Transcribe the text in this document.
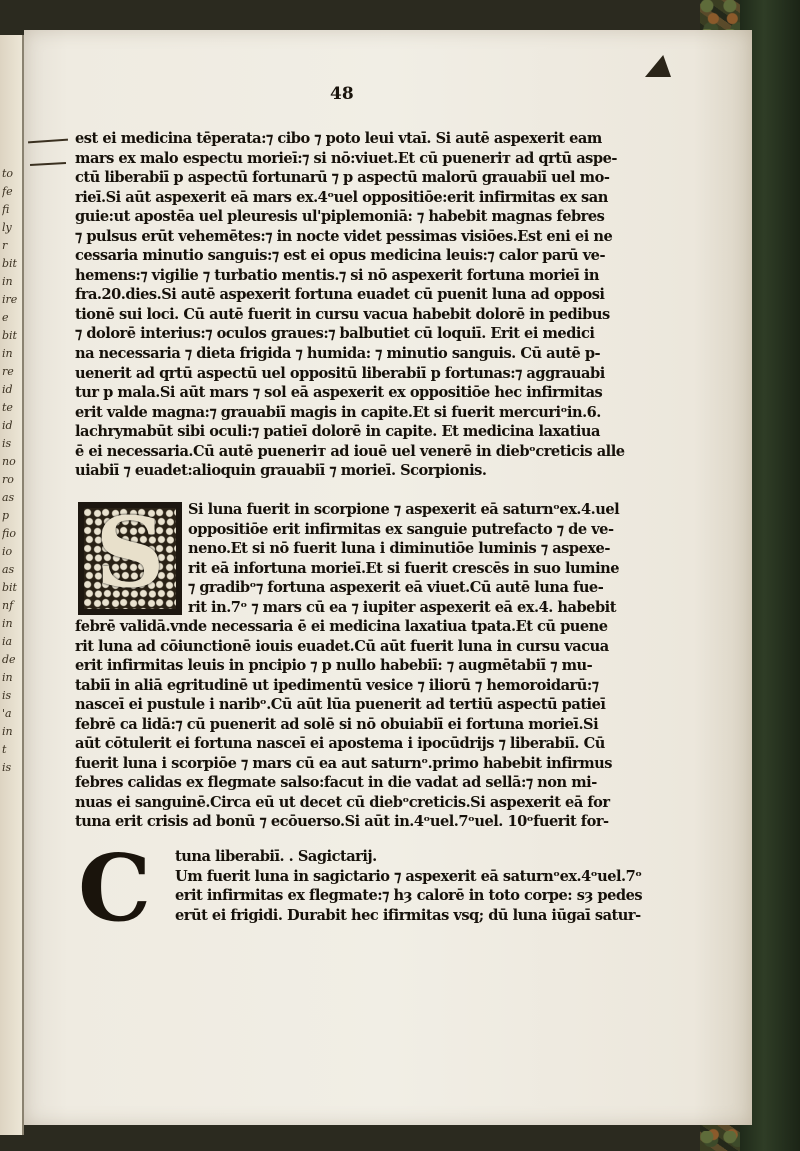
to
fe
fi
ly
r
bit
in
ire
e
bit
in
re
id
te
id
is
no
ro
as
p
fio
io
as
bit
nf
in
ia
de
in
is
'a
in
t
is
48
est ei medicina tēperata:⁊ cibo ⁊ poto leui vtaī. Si autē aspexerit eam
mars ex malo espectu morieī:⁊ si nō:viuet.Et cū pueneriт ad qrtū aspe-
ctū liberabiī p aspectū fortunarū ⁊ p aspectū malorū grauabiī uel mo-
rieī.Si aūt aspexerit eā mars ex.4ᵒuel oppositiōe:erit infirmitas ex san
guie:ut apostēa uel pleuresis ul'piplemoniā: ⁊ habebit magnas febres
⁊ pulsus erūt vehemētes:⁊ in nocte videt pessimas visiōes.Est eni ei ne
cessaria minutio sanguis:⁊ est ei opus medicina leuis:⁊ calor parū ve-
hemens:⁊ vigilie ⁊ turbatio mentis.⁊ si nō aspexerit fortuna morieī in
fra.20.dies.Si autē aspexerit fortuna euadet cū puenit luna ad opposi
tionē sui loci. Cū autē fuerit in cursu vacua habebit dolorē in pedibus
⁊ dolorē interius:⁊ oculos graues:⁊ balbutiet cū loquiī. Erit ei medici
na necessaria ⁊ dieta frigida ⁊ humida: ⁊ minutio sanguis. Cū autē p-
uenerit ad qrtū aspectū uel oppositū liberabiī p fortunas:⁊ aggrauabi
tur p mala.Si aūt mars ⁊ sol eā aspexerit ex oppositiōe hec infirmitas
erit valde magna:⁊ grauabiī magis in capite.Et si fuerit mercuriᵒin.6.
lachrymabūt sibi oculi:⁊ patieī dolorē in capite. Et medicina laxatiua
ē ei necessaria.Cū autē pueneriт ad iouē uel venerē in diebᵒcreticis alle
uiabiī ⁊ euadet:alioquin grauabiī ⁊ morieī. Scorpionis.
S	Si luna fuerit in scorpione ⁊ aspexerit eā saturnᵒex.4.uel
oppositiōe erit infirmitas ex sanguie putrefacto ⁊ de ve-
neno.Et si nō fuerit luna i diminutiōe luminis ⁊ aspexe-
rit eā infortuna morieī.Et si fuerit crescēs in suo lumine
⁊ gradibᵒ⁊ fortuna aspexerit eā viuet.Cū autē luna fue-
rit in.7ᵒ ⁊ mars cū ea ⁊ iupiter aspexerit eā ex.4. habebit
febrē validā.vnde necessaria ē ei medicina laxatiua tpata.Et cū puene
rit luna ad cōiunctionē iouis euadet.Cū aūt fuerit luna in cursu vacua
erit infirmitas leuis in pncipio ⁊ p nullo habebiī: ⁊ augmētabiī ⁊ mu-
tabiī in aliā egritudinē ut ipedimentū vesice ⁊ iliorū ⁊ hemoroidarū:⁊
nasceī ei pustule i naribᵒ.Cū aūt lūa puenerit ad tertiū aspectū patieī
febrē ca lidā:⁊ cū puenerit ad solē si nō obuiabiī ei fortuna morieī.Si
aūt cōtulerit ei fortuna nasceī ei apostema i ipocūdrijs ⁊ liberabiī. Cū
fuerit luna i scorpiōe ⁊ mars cū ea aut saturnᵒ.primo habebit infirmus
febres calidas ex flegmate salso:facut in die vadat ad sellā:⁊ non mi-
nuas ei sanguinē.Circa eū ut decet cū diebᵒcreticis.Si aspexerit eā for
tuna erit crisis ad bonū ⁊ ecōuerso.Si aūt in.4ᵒuel.7ᵒuel. 10ᵒfuerit for-
C tuna liberabiī. . Sagictarij.
Um fuerit luna in sagictario ⁊ aspexerit eā saturnᵒex.4ᵒuel.7ᵒ
erit infirmitas ex flegmate:⁊ hȝ calorē in toto corpe: sȝ pedes
erūt ei frigidi. Durabit hec ifirmitas vsq; dū luna iūgaī satur-
